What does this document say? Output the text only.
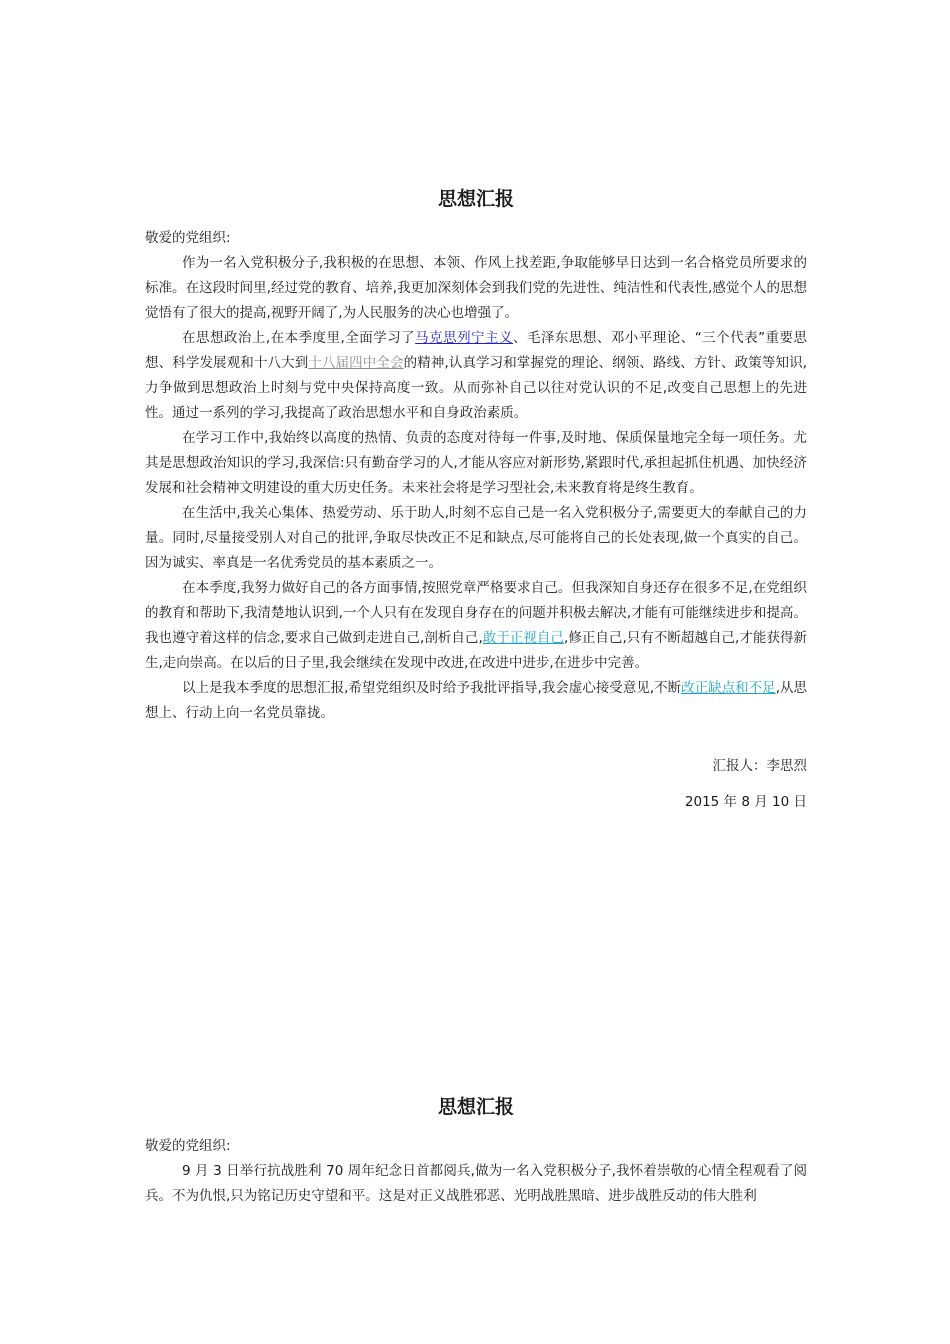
思想汇报

敬爱的党组织:

作为一名入党积极分子,我积极的在思想、本领、作风上找差距,争取能够早日达到一名合格党员所要求的标准。在这段时间里,经过党的教育、培养,我更加深刻体会到我们党的先进性、纯洁性和代表性,感觉个人的思想觉悟有了很大的提高,视野开阔了,为人民服务的决心也增强了。

在思想政治上,在本季度里,全面学习了马克思列宁主义、毛泽东思想、邓小平理论、“三个代表”重要思想、科学发展观和十八大到十八届四中全会的精神,认真学习和掌握党的理论、纲领、路线、方针、政策等知识,力争做到思想政治上时刻与党中央保持高度一致。从而弥补自己以往对党认识的不足,改变自己思想上的先进性。通过一系列的学习,我提高了政治思想水平和自身政治素质。

在学习工作中,我始终以高度的热情、负责的态度对待每一件事,及时地、保质保量地完全每一项任务。尤其是思想政治知识的学习,我深信:只有勤奋学习的人,才能从容应对新形势,紧跟时代,承担起抓住机遇、加快经济发展和社会精神文明建设的重大历史任务。未来社会将是学习型社会,未来教育将是终生教育。

在生活中,我关心集体、热爱劳动、乐于助人,时刻不忘自己是一名入党积极分子,需要更大的奉献自己的力量。同时,尽量接受别人对自己的批评,争取尽快改正不足和缺点,尽可能将自己的长处表现,做一个真实的自己。因为诚实、率真是一名优秀党员的基本素质之一。

在本季度,我努力做好自己的各方面事情,按照党章严格要求自己。但我深知自身还存在很多不足,在党组织的教育和帮助下,我清楚地认识到,一个人只有在发现自身存在的问题并积极去解决,才能有可能继续进步和提高。我也遵守着这样的信念,要求自己做到走进自己,剖析自己,敢于正视自己,修正自己,只有不断超越自己,才能获得新生,走向崇高。在以后的日子里,我会继续在发现中改进,在改进中进步,在进步中完善。

以上是我本季度的思想汇报,希望党组织及时给予我批评指导,我会虚心接受意见,不断改正缺点和不足,从思想上、行动上向一名党员靠拢。

汇报人：李思烈

2015 年 8 月 10 日

思想汇报

敬爱的党组织:

9 月 3 日举行抗战胜利 70 周年纪念日首都阅兵,做为一名入党积极分子,我怀着崇敬的心情全程观看了阅兵。不为仇恨,只为铭记历史守望和平。这是对正义战胜邪恶、光明战胜黑暗、进步战胜反动的伟大胜利
